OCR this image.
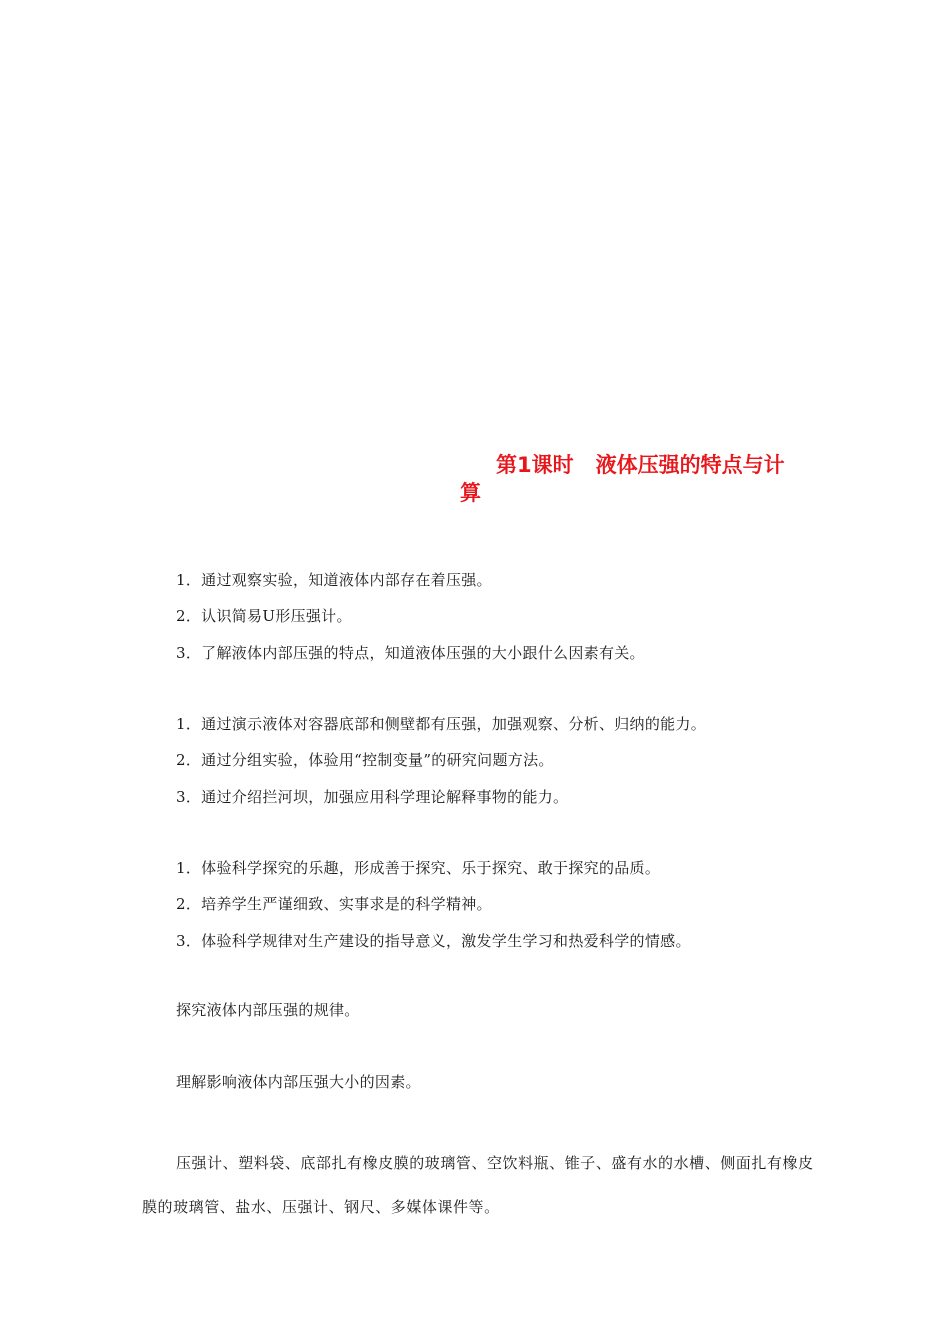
第1课时 液体压强的特点与计
算
1．通过观察实验，知道液体内部存在着压强。
2．认识简易U形压强计。
3．了解液体内部压强的特点，知道液体压强的大小跟什么因素有关。
1．通过演示液体对容器底部和侧壁都有压强，加强观察、分析、归纳的能力。
2．通过分组实验，体验用“控制变量”的研究问题方法。
3．通过介绍拦河坝，加强应用科学理论解释事物的能力。
1．体验科学探究的乐趣，形成善于探究、乐于探究、敢于探究的品质。
2．培养学生严谨细致、实事求是的科学精神。
3．体验科学规律对生产建设的指导意义，激发学生学习和热爱科学的情感。
探究液体内部压强的规律。
理解影响液体内部压强大小的因素。
压强计、塑料袋、底部扎有橡皮膜的玻璃管、空饮料瓶、锥子、盛有水的水槽、侧面扎有橡皮膜的玻璃管、盐水、压强计、钢尺、多媒体课件等。
